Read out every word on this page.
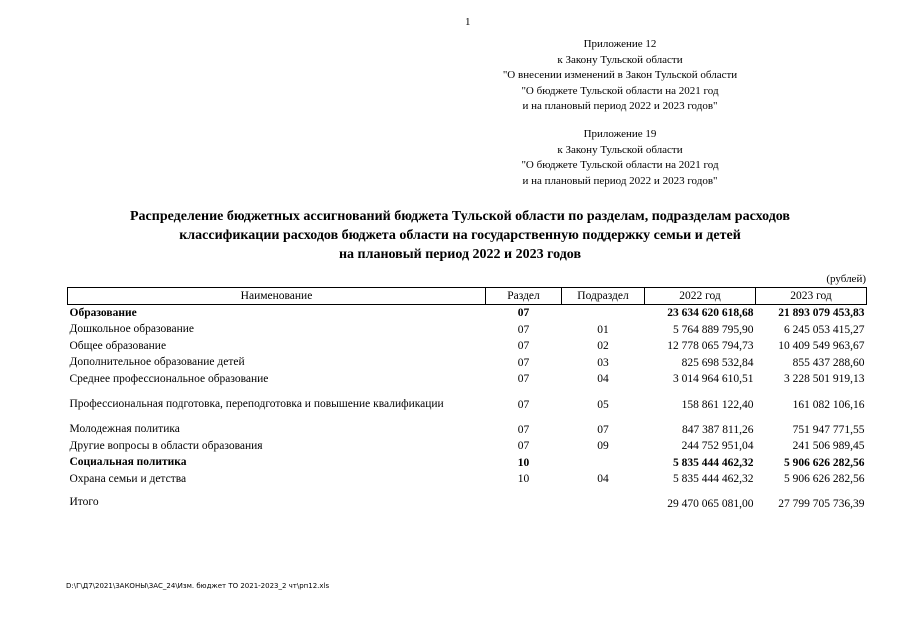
1
Приложение 12
к Закону Тульской области
"О внесении изменений в Закон Тульской области
"О бюджете Тульской области на 2021 год
и на плановый период 2022 и 2023 годов"
Приложение 19
к Закону Тульской области
"О бюджете Тульской области на 2021 год
и на плановый период 2022 и 2023 годов"
Распределение бюджетных ассигнований бюджета Тульской области по разделам, подразделам расходов
классификации расходов бюджета области на государственную поддержку семьи и детей
на плановый период 2022 и 2023 годов
(рублей)
Наименование	Раздел	Подраздел	2022 год	2023 год
Образование	07		23 634 620 618,68	21 893 079 453,83
Дошкольное образование	07	01	5 764 889 795,90	6 245 053 415,27
Общее образование	07	02	12 778 065 794,73	10 409 549 963,67
Дополнительное образование детей	07	03	825 698 532,84	855 437 288,60
Среднее профессиональное образование	07	04	3 014 964 610,51	3 228 501 919,13
Профессиональная подготовка, переподготовка и повышение квалификации	07	05	158 861 122,40	161 082 106,16
Молодежная политика	07	07	847 387 811,26	751 947 771,55
Другие вопросы в области образования	07	09	244 752 951,04	241 506 989,45
Социальная политика	10		5 835 444 462,32	5 906 626 282,56
Охрана семьи и детства	10	04	5 835 444 462,32	5 906 626 282,56
Итого			29 470 065 081,00	27 799 705 736,39
D:\Г\Д7\2021\ЗАКОНЫ\ЗАС_24\Изм. бюджет ТО 2021-2023_2 чт\рп12.xls
